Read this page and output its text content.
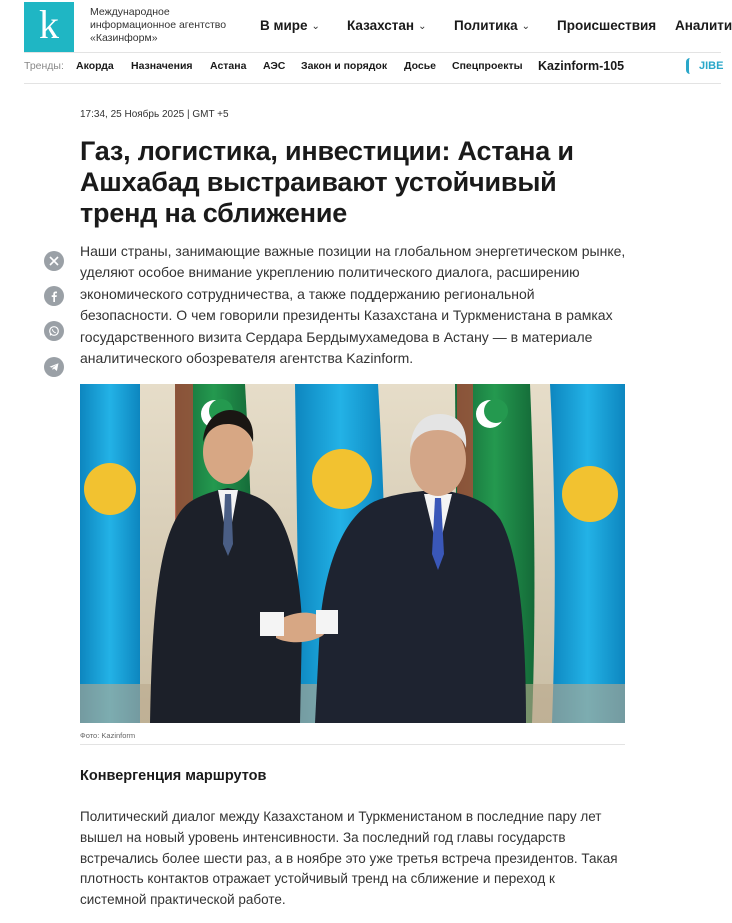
k	Международное информационное агентство «Казинформ»
В мире ⌄ Казахстан ⌄ Политика ⌄ Происшествия Аналити
Тренды: Акорда Назначения Астана АЭС Закон и порядок Досье Спецпроекты Kazinform-105	JIBE
17:34, 25 Ноябрь 2025 | GMT +5
Газ, логистика, инвестиции: Астана и Ашхабад выстраивают устойчивый тренд на сближение

Наши страны, занимающие важные позиции на глобальном энергетическом рынке, уделяют особое внимание укреплению политического диалога, расширению экономического сотрудничества, а также поддержанию региональной безопасности. О чем говорили президенты Казахстана и Туркменистана в рамках государственного визита Сердара Бердымухамедова в Астану — в материале аналитического обозревателя агентства Kazinform.

Фото: Kazinform
Конвергенция маршрутов

Политический диалог между Казахстаном и Туркменистаном в последние пару лет вышел на новый уровень интенсивности. За последний год главы государств встречались более шести раз, а в ноябре это уже третья встреча президентов. Такая плотность контактов отражает устойчивый тренд на сближение и переход к системной практической работе.
